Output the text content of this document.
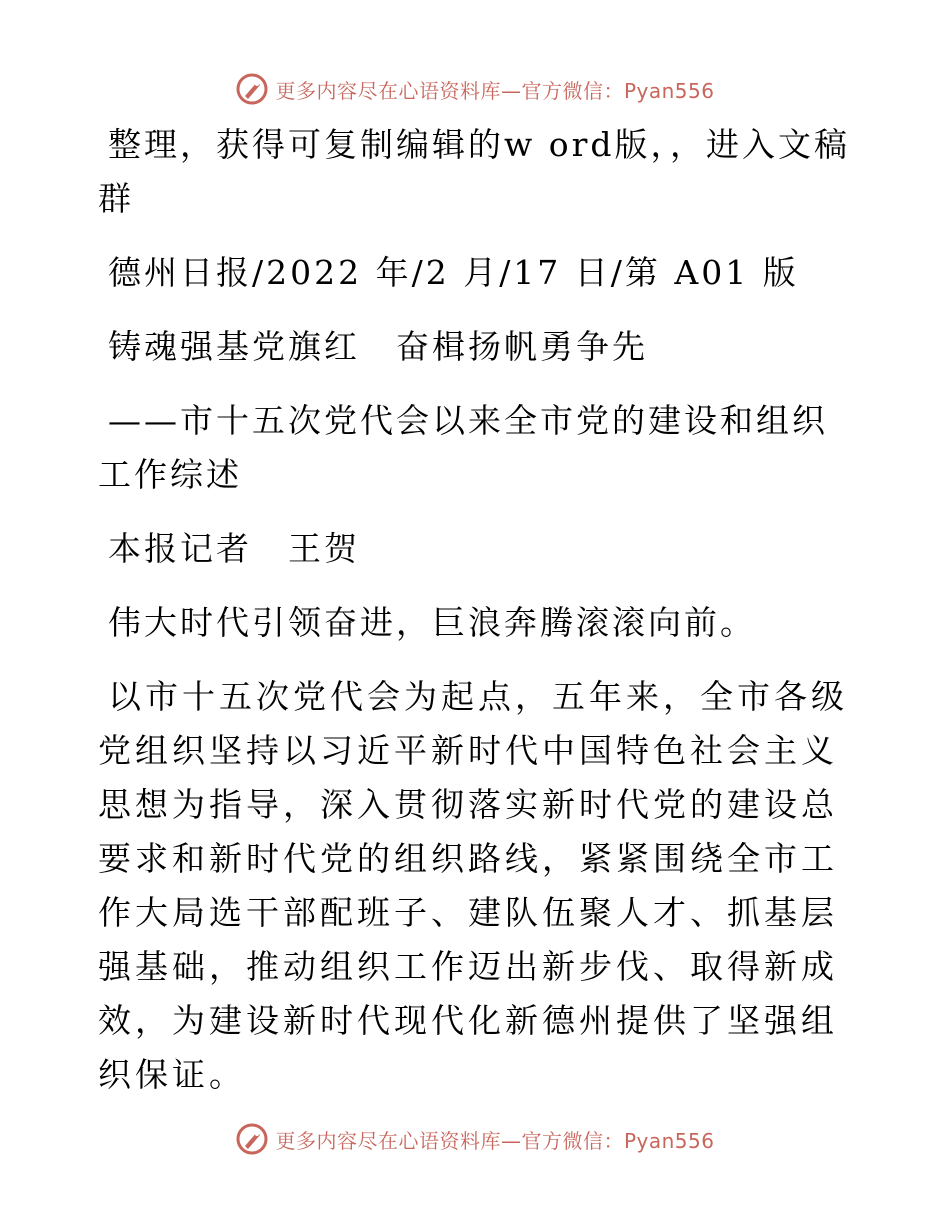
更多内容尽在心语资料库—官方微信：Pyan556

整理，获得可复制编辑的w ord版，，进入文稿群

德州日报/2022 年/2 月/17 日/第 A01 版

铸魂强基党旗红　奋楫扬帆勇争先

——市十五次党代会以来全市党的建设和组织工作综述

本报记者　王贺

伟大时代引领奋进，巨浪奔腾滚滚向前。

以市十五次党代会为起点，五年来，全市各级党组织坚持以习近平新时代中国特色社会主义思想为指导，深入贯彻落实新时代党的建设总要求和新时代党的组织路线，紧紧围绕全市工作大局选干部配班子、建队伍聚人才、抓基层强基础，推动组织工作迈出新步伐、取得新成效，为建设新时代现代化新德州提供了坚强组织保证。

更多内容尽在心语资料库—官方微信：Pyan556
